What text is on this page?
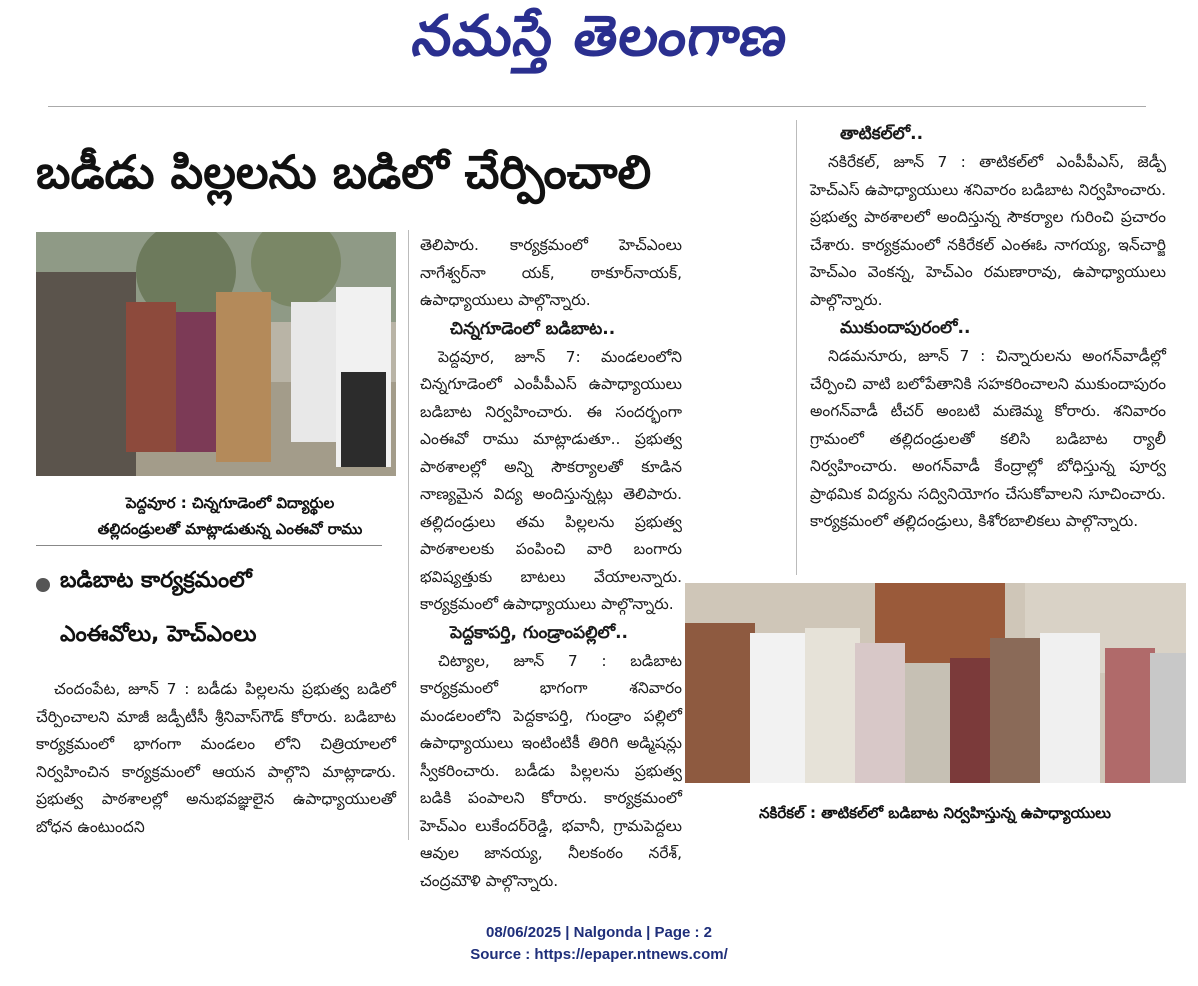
నమస్తే తెలంగాణ
బడీడు పిల్లలను బడిలో చేర్పించాలి
పెద్దవూర : చిన్నగూడెంలో విద్యార్థుల
తల్లిదండ్రులతో మాట్లాడుతున్న ఎంఈవో రాము
బడిబాట కార్యక్రమంలో
ఎంఈవోలు, హెచ్‌ఎంలు

చందంపేట, జూన్ 7 : బడీడు పిల్లలను ప్రభుత్వ బడిలో చేర్పించాలని మాజీ జడ్పీటీసీ శ్రీనివాస్‌గౌడ్ కోరారు. బడిబాట కార్యక్రమంలో భాగంగా మండలం లోని చిత్రియాలలో నిర్వహించిన కార్యక్రమంలో ఆయన పాల్గొని మాట్లాడారు. ప్రభుత్వ పాఠశాలల్లో అనుభవజ్ఞులైన ఉపాధ్యాయులతో బోధన ఉంటుందని

తెలిపారు. కార్యక్రమంలో హెచ్‌ఎంలు నాగేశ్వర్‌నా యక్, ఠాకూర్‌నాయక్, ఉపాధ్యాయులు పాల్గొన్నారు.

చిన్నగూడెంలో బడిబాట..

పెద్దవూర, జూన్ 7: మండలంలోని చిన్నగూడెంలో ఎంపీపీఎస్ ఉపాధ్యాయులు బడిబాట నిర్వహించారు. ఈ సందర్భంగా ఎంఈవో రాము మాట్లాడుతూ.. ప్రభుత్వ పాఠశాలల్లో అన్ని సౌకర్యాలతో కూడిన నాణ్యమైన విద్య అందిస్తున్నట్లు తెలిపారు. తల్లిదండ్రులు తమ పిల్లలను ప్రభుత్వ పాఠశాలలకు పంపించి వారి బంగారు భవిష్యత్తుకు బాటలు వేయాలన్నారు. కార్యక్రమంలో ఉపాధ్యాయులు పాల్గొన్నారు.

పెద్దకాపర్తి, గుండ్రాంపల్లిలో..

చిట్యాల, జూన్ 7 : బడిబాట కార్యక్రమంలో భాగంగా శనివారం మండలంలోని పెద్దకాపర్తి, గుండ్రాం పల్లిలో ఉపాధ్యాయులు ఇంటింటికీ తిరిగి అడ్మిషన్లు స్వీకరించారు. బడీడు పిల్లలను ప్రభుత్వ బడికి పంపాలని కోరారు. కార్యక్రమంలో హెచ్‌ఎం లుకేందర్‌రెడ్డి, భవానీ, గ్రామపెద్దలు ఆవుల జానయ్య, నీలకంఠం నరేశ్, చంద్రమౌళి పాల్గొన్నారు.

తాటికల్‌లో..

నకిరేకల్, జూన్ 7 : తాటికల్‌లో ఎంపీపీఎస్, జెడ్పీ హెచ్‌ఎస్ ఉపాధ్యాయులు శనివారం బడిబాట నిర్వహించారు. ప్రభుత్వ పాఠశాలలో అందిస్తున్న సౌకర్యాల గురించి ప్రచారం చేశారు. కార్యక్రమంలో నకిరేకల్ ఎంఈఓ నాగయ్య, ఇన్‌చార్జి హెచ్‌ఎం వెంకన్న, హెచ్‌ఎం రమణారావు, ఉపాధ్యాయులు పాల్గొన్నారు.

ముకుందాపురంలో..

నిడమనూరు, జూన్ 7 : చిన్నారులను అంగన్‌వాడీల్లో చేర్పించి వాటి బలోపేతానికి సహకరించాలని ముకుందాపురం అంగన్‌వాడీ టీచర్ అంబటి మణెమ్మ కోరారు. శనివారం గ్రామంలో తల్లిదండ్రులతో కలిసి బడిబాట ర్యాలీ నిర్వహించారు. అంగన్‌వాడీ కేంద్రాల్లో బోధిస్తున్న పూర్వ ప్రాథమిక విద్యను సద్వినియోగం చేసుకోవాలని సూచించారు. కార్యక్రమంలో తల్లిదండ్రులు, కిశోరబాలికలు పాల్గొన్నారు.

నకిరేకల్ : తాటికల్‌లో బడిబాట నిర్వహిస్తున్న ఉపాధ్యాయులు
08/06/2025 | Nalgonda | Page : 2
Source : https://epaper.ntnews.com/
